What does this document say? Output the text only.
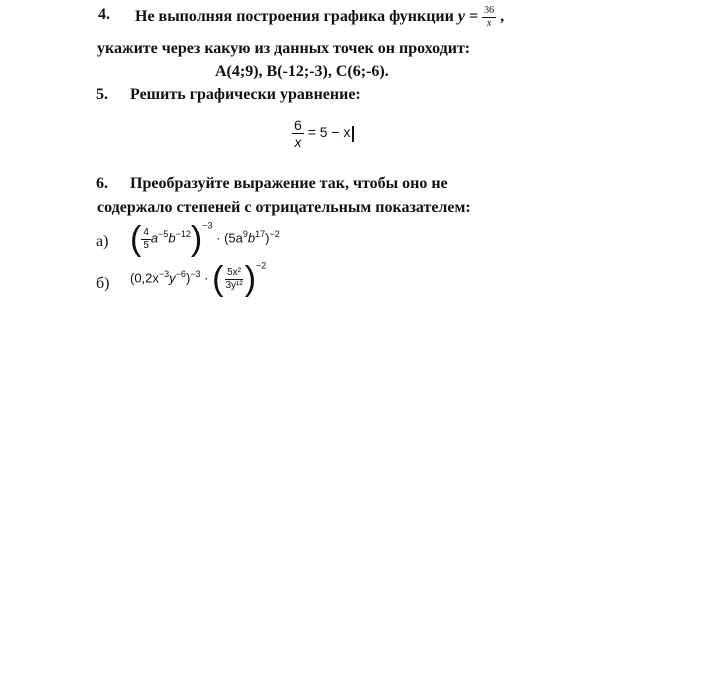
4. Не выполняя построения графика функции $y = \frac{36}{x}$ ,
укажите через какую из данных точек он проходит:
A(4;9), B(-12;-3), C(6;-6).
5. Решить графически уравнение:
$\frac{6}{x} = 5 - x$
6. Преобразуйте выражение так, чтобы оно не
содержало степеней с отрицательным показателем:
а) ( $\frac{4}{5} a^{-5}b^{-12})^{-3} \cdot (5a^9b^{17})^{-2}$
б) $(0,2x^{-3}y^{-6})^{-3}$ · ( $\frac{\text{5x²}}{\text{3y¹²}} )^{-2}$
